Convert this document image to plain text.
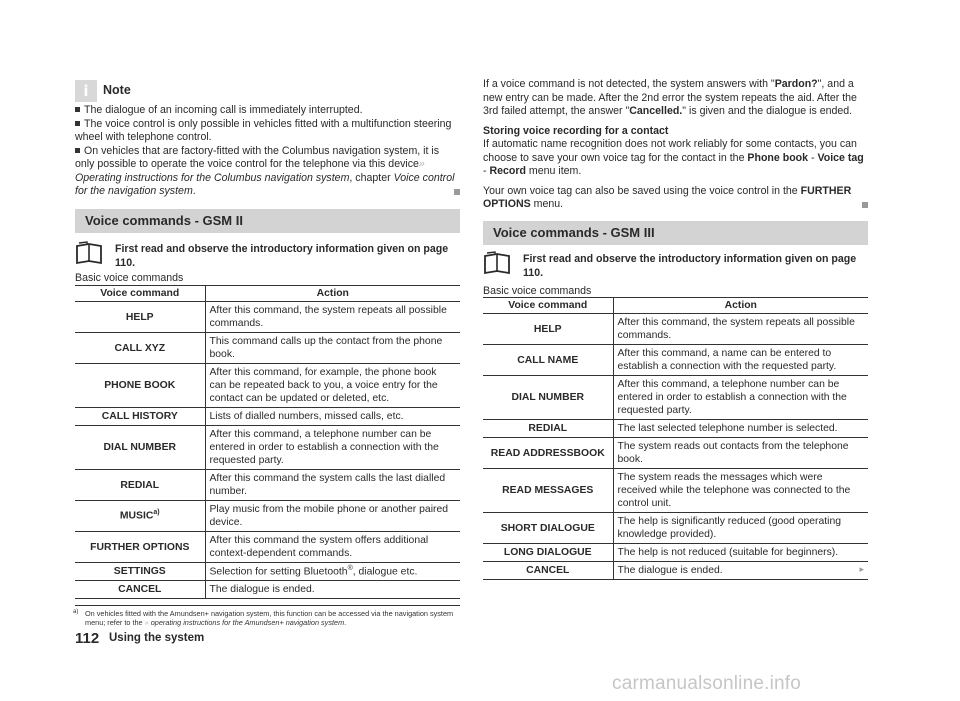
i	Note

The dialogue of an incoming call is immediately interrupted.

The voice control is only possible in vehicles fitted with a multifunction steering wheel with telephone control.

On vehicles that are factory-fitted with the Columbus navigation system, it is only possible to operate the voice control for the telephone via this device» Operating instructions for the Columbus navigation system, chapter Voice control for the navigation system.

Voice commands - GSM II
First read and observe the introductory information given on page 110.
Basic voice commands
Voice command	Action
HELP	After this command, the system repeats all possible commands.
CALL XYZ	This command calls up the contact from the phone book.
PHONE BOOK	After this command, for example, the phone book can be repeated back to you, a voice entry for the contact can be updated or deleted, etc.
CALL HISTORY	Lists of dialled numbers, missed calls, etc.
DIAL NUMBER	After this command, a telephone number can be entered in order to establish a connection with the requested party.
REDIAL	After this command the system calls the last dialled number.
MUSIC$^{a)}$	Play music from the mobile phone or another paired device.
FURTHER OPTIONS	After this command the system offers additional context-dependent commands.
SETTINGS	Selection for setting Bluetooth®, dialogue etc.
CANCEL	The dialogue is ended.
a) On vehicles fitted with the Amundsen+ navigation system, this function can be accessed via the navigation system menu; refer to the » operating instructions for the Amundsen+ navigation system.
112 Using the system

If a voice command is not detected, the system answers with "Pardon?", and a new entry can be made. After the 2nd error the system repeats the aid. After the 3rd failed attempt, the answer "Cancelled." is given and the dialogue is ended.

Storing voice recording for a contact

If automatic name recognition does not work reliably for some contacts, you can choose to save your own voice tag for the contact in the Phone book - Voice tag - Record menu item.

Your own voice tag can also be saved using the voice control in the FURTHER OPTIONS menu.

Voice commands - GSM III
First read and observe the introductory information given on page 110.
Basic voice commands
Voice command	Action
HELP	After this command, the system repeats all possible commands.
CALL NAME	After this command, a name can be entered to establish a connection with the requested party.
DIAL NUMBER	After this command, a telephone number can be entered in order to establish a connection with the requested party.
REDIAL	The last selected telephone number is selected.
READ ADDRESSBOOK	The system reads out contacts from the telephone book.
READ MESSAGES	The system reads the messages which were received while the telephone was connected to the control unit.
SHORT DIALOGUE	The help is significantly reduced (good operating knowledge provided).
LONG DIALOGUE	The help is not reduced (suitable for beginners).
CANCEL	The dialogue is ended. ▸
carmanualsonline.info
